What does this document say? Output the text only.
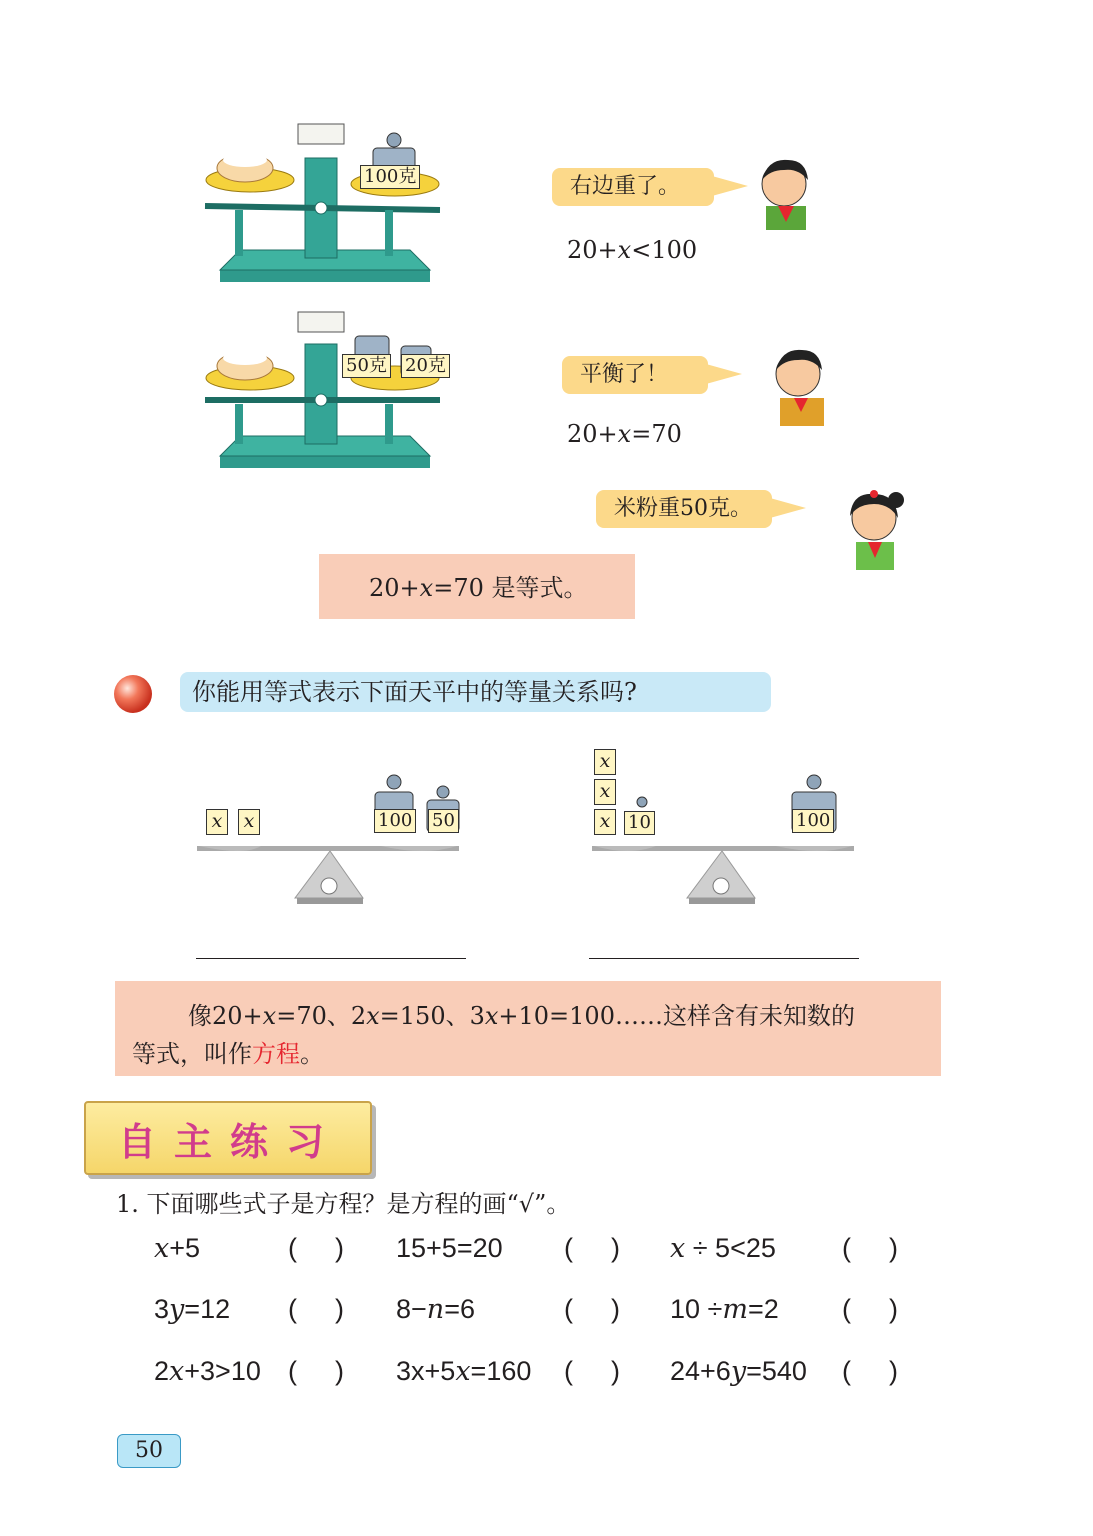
100克	右边重了。
20+x<100
50克 20克	平衡了！
20+x=70
米粉重50克。
20+x=70 是等式。
你能用等式表示下面天平中的等量关系吗?
x x	100 50
x
x
x 10	100
像20+x=70、2x=150、3x+10=100……这样含有未知数的
等式，叫作方程。
自主练习
1. 下面哪些式子是方程？是方程的画“√”。
x+5	() 15+5=20 () x ÷ 5<25 ()
3y=12 () 8−n=6	() 10 ÷m=2 ()
2x+3>10 () 3x+5x=160 () 24+6y=540 ()
50
